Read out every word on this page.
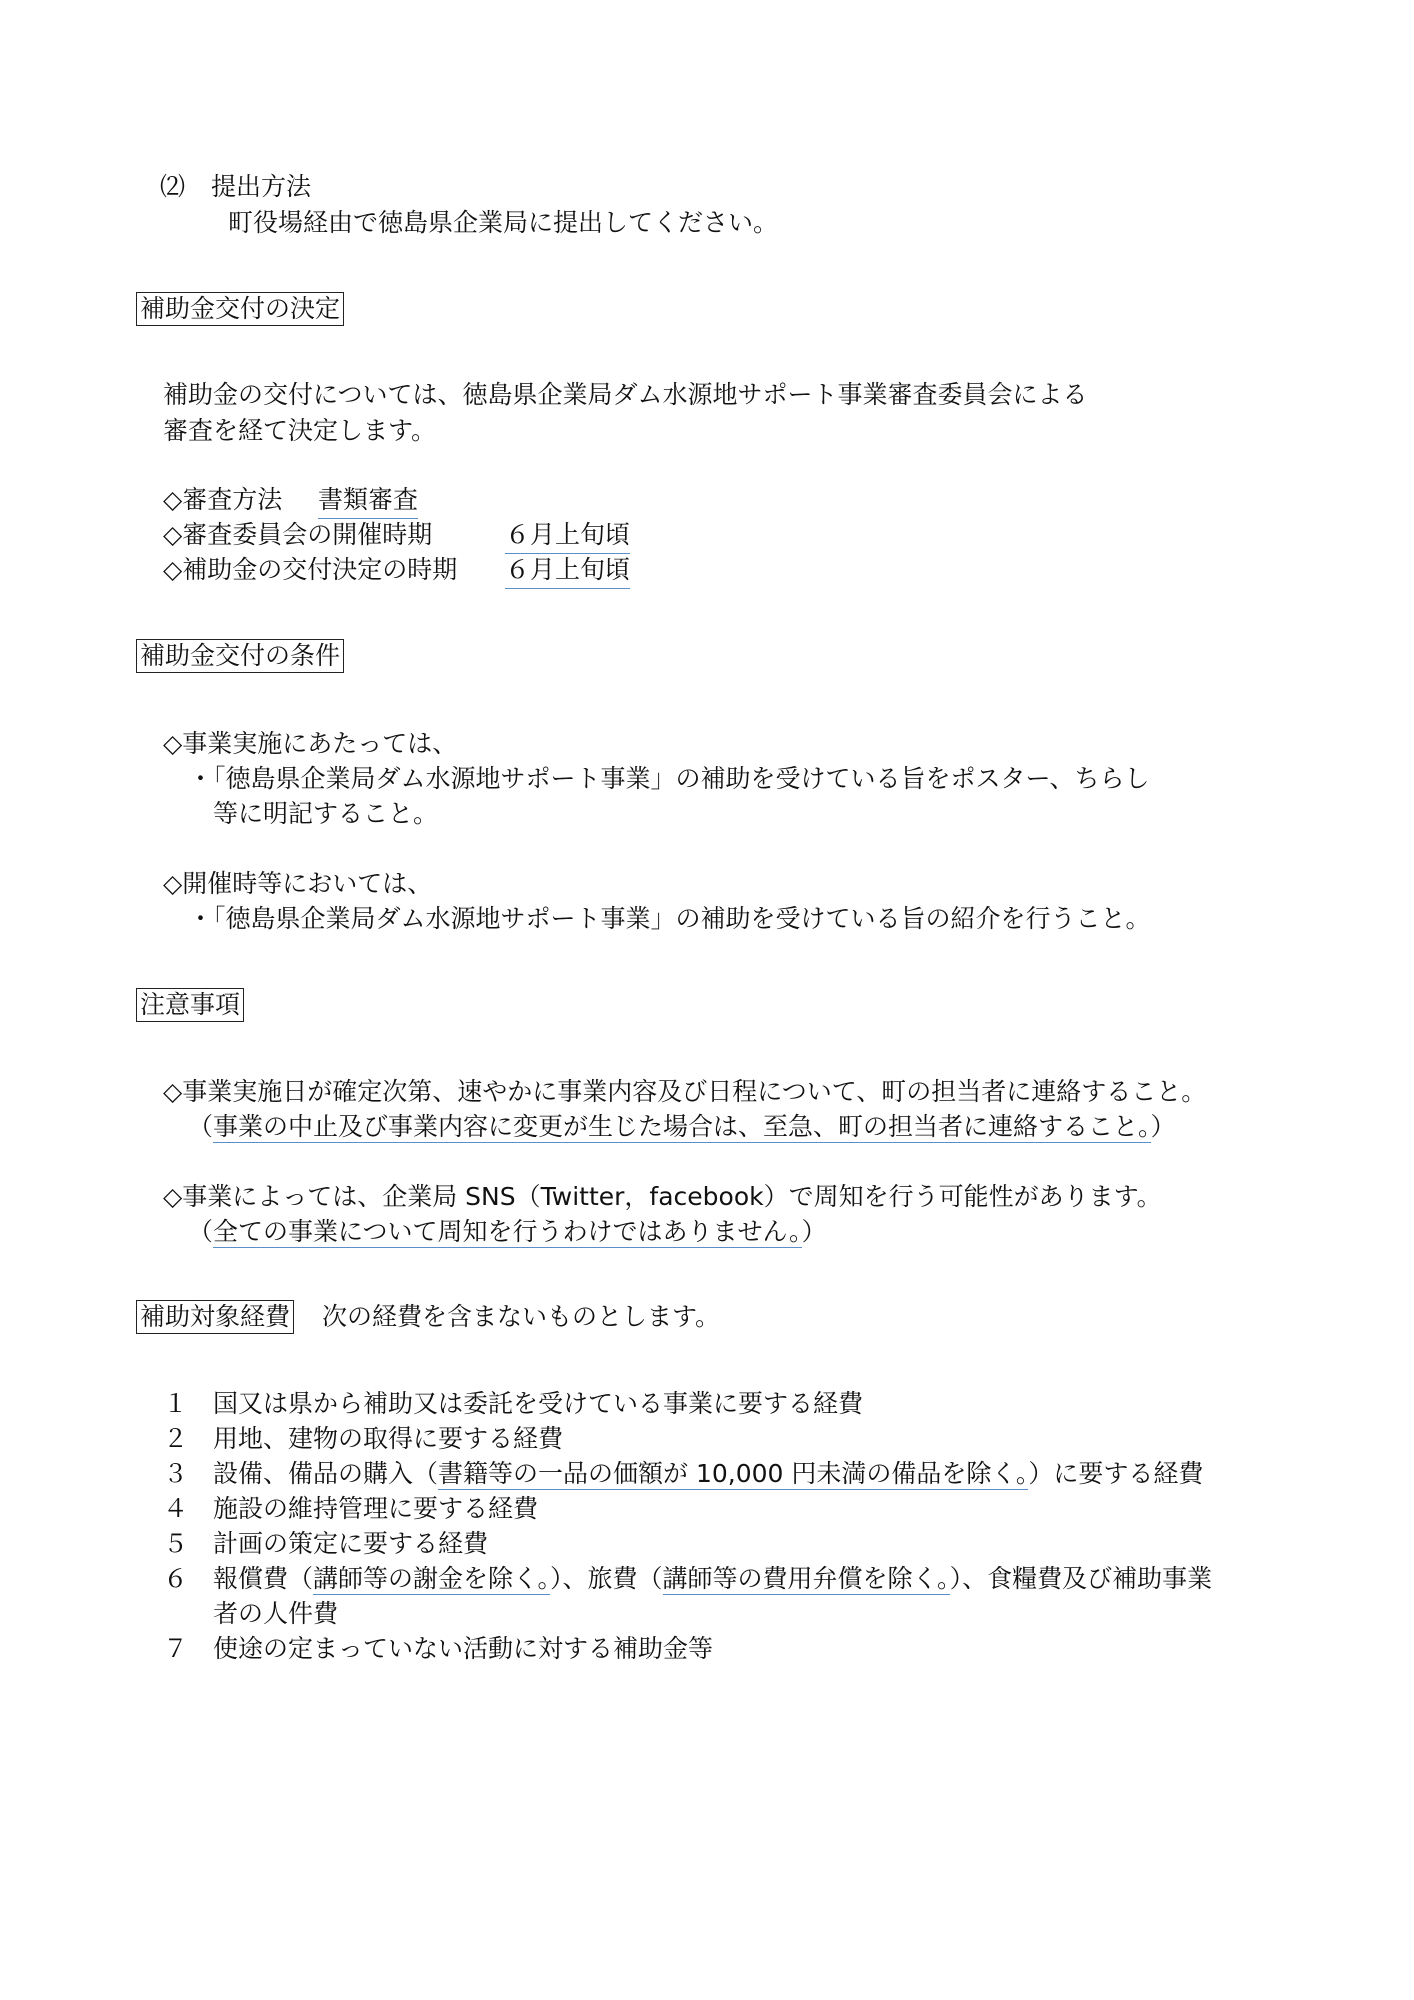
⑵ 提出方法
町役場経由で徳島県企業局に提出してください。
補助金交付の決定
補助金の交付については、徳島県企業局ダム水源地サポート事業審査委員会による
審査を経て決定します。
◇審査方法 書類審査
◇審査委員会の開催時期	６月上旬頃
◇補助金の交付決定の時期 ６月上旬頃
補助金交付の条件
◇事業実施にあたっては、
・「徳島県企業局ダム水源地サポート事業」の補助を受けている旨をポスター、ちらし
等に明記すること。
◇開催時等においては、
・「徳島県企業局ダム水源地サポート事業」の補助を受けている旨の紹介を行うこと。
注意事項
◇事業実施日が確定次第、速やかに事業内容及び日程について、町の担当者に連絡すること。
（事業の中止及び事業内容に変更が生じた場合は、至急、町の担当者に連絡すること。）
◇事業によっては、企業局 SNS（Twitter，facebook）で周知を行う可能性があります。
（全ての事業について周知を行うわけではありません。）
補助対象経費 次の経費を含まないものとします。
１ 国又は県から補助又は委託を受けている事業に要する経費
２ 用地、建物の取得に要する経費
３ 設備、備品の購入（書籍等の一品の価額が 10,000 円未満の備品を除く。）に要する経費
４ 施設の維持管理に要する経費
５ 計画の策定に要する経費
６ 報償費（講師等の謝金を除く。）、旅費（講師等の費用弁償を除く。）、食糧費及び補助事業
者の人件費
７ 使途の定まっていない活動に対する補助金等
